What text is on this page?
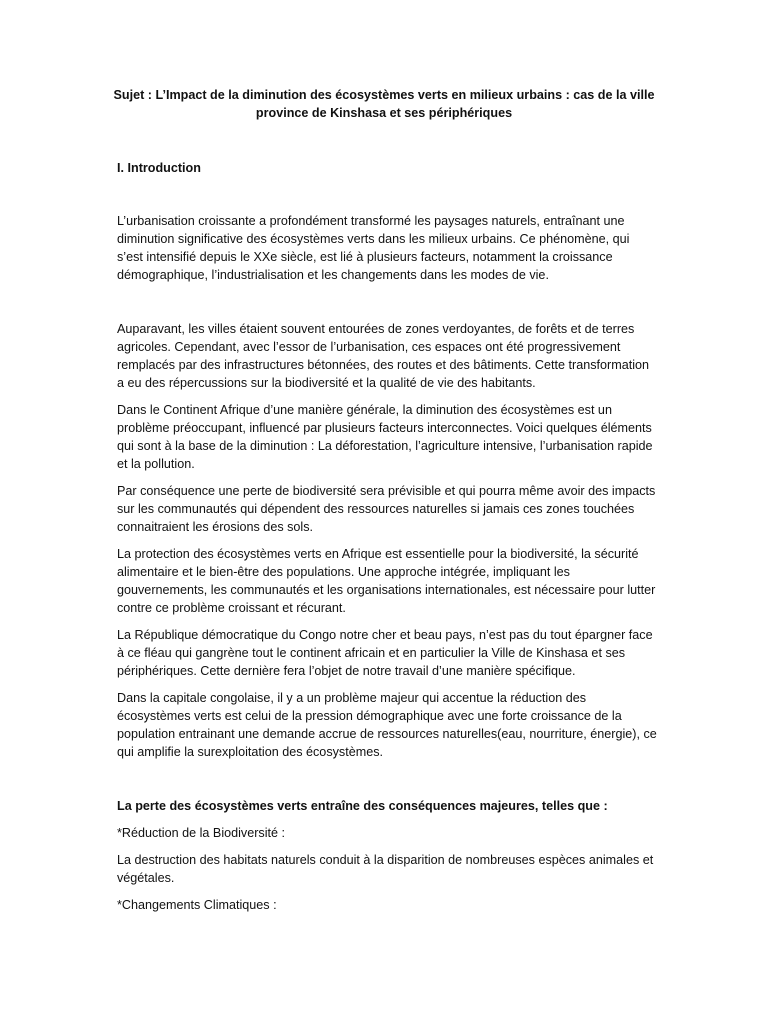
Sujet : L’Impact de la diminution des écosystèmes verts en milieux urbains : cas de la ville
province de Kinshasa et ses périphériques
I. Introduction

L’urbanisation croissante a profondément transformé les paysages naturels, entraînant une diminution significative des écosystèmes verts dans les milieux urbains. Ce phénomène, qui s’est intensifié depuis le XXe siècle, est lié à plusieurs facteurs, notamment la croissance démographique, l’industrialisation et les changements dans les modes de vie.

Auparavant, les villes étaient souvent entourées de zones verdoyantes, de forêts et de terres agricoles. Cependant, avec l’essor de l’urbanisation, ces espaces ont été progressivement remplacés par des infrastructures bétonnées, des routes et des bâtiments. Cette transformation a eu des répercussions sur la biodiversité et la qualité de vie des habitants.

Dans le Continent Afrique d’une manière générale, la diminution des écosystèmes est un problème préoccupant, influencé par plusieurs facteurs interconnectes. Voici quelques éléments qui sont à la base de la diminution : La déforestation, l’agriculture intensive, l’urbanisation rapide et la pollution.

Par conséquence une perte de biodiversité sera prévisible et qui pourra même avoir des impacts sur les communautés qui dépendent des ressources naturelles si jamais ces zones touchées connaitraient les érosions des sols.

La protection des écosystèmes verts en Afrique est essentielle pour la biodiversité, la sécurité alimentaire et le bien-être des populations. Une approche intégrée, impliquant les gouvernements, les communautés et les organisations internationales, est nécessaire pour lutter contre ce problème croissant et récurant.

La République démocratique du Congo notre cher et beau pays, n’est pas du tout épargner face à ce fléau qui gangrène tout le continent africain et en particulier la Ville de Kinshasa et ses périphériques. Cette dernière fera l’objet de notre travail d’une manière spécifique.

Dans la capitale congolaise, il y a un problème majeur qui accentue la réduction des écosystèmes verts est celui de la pression démographique avec une forte croissance de la population entrainant une demande accrue de ressources naturelles(eau, nourriture, énergie), ce qui amplifie la surexploitation des écosystèmes.

La perte des écosystèmes verts entraîne des conséquences majeures, telles que :

*Réduction de la Biodiversité :

La destruction des habitats naturels conduit à la disparition de nombreuses espèces animales et végétales.

*Changements Climatiques :
